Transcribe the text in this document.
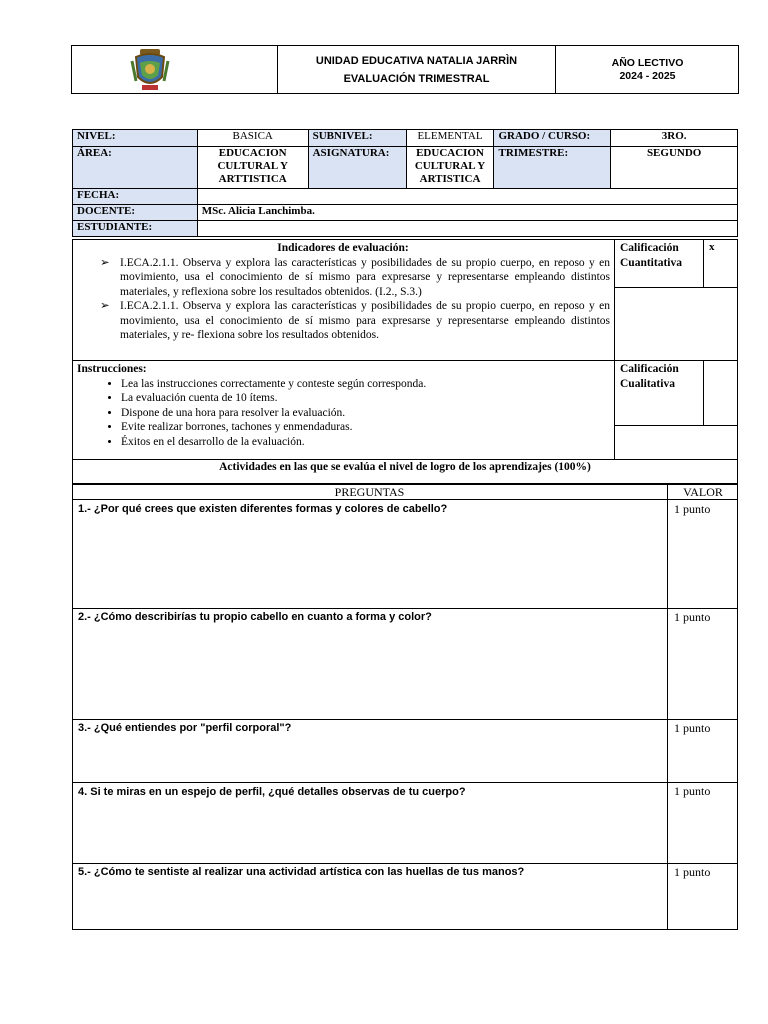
UNIDAD EDUCATIVA NATALIA JARRÌN
EVALUACIÓN TRIMESTRAL
AÑO LECTIVO
2024 - 2025
NIVEL:	BASICA	SUBNIVEL:	ELEMENTAL	GRADO / CURSO:	3RO.
ÁREA:	EDUCACION CULTURAL Y ARTTISTICA	ASIGNATURA:	EDUCACION CULTURAL Y ARTISTICA	TRIMESTRE:	SEGUNDO
FECHA:					
DOCENTE:	MSc. Alicia Lanchimba.				
ESTUDIANTE:					
Indicadores de evaluación:
➢ I.ECA.2.1.1. Observa y explora las características y posibilidades de su propio cuerpo, en reposo y en movimiento, usa el conocimiento de sí mismo para expresarse y representarse empleando distintos materiales, y reflexiona sobre los resultados obtenidos. (I.2., S.3.)
➢ I.ECA.2.1.1. Observa y explora las características y posibilidades de su propio cuerpo, en reposo y en movimiento, usa el conocimiento de sí mismo para expresarse y representarse empleando distintos materiales, y re- flexiona sobre los resultados obtenidos.
Calificación Cuantitativa
x
Instrucciones:
• Lea las instrucciones correctamente y conteste según corresponda.
• La evaluación cuenta de 10 ítems.
• Dispone de una hora para resolver la evaluación.
• Evite realizar borrones, tachones y enmendaduras.
• Éxitos en el desarrollo de la evaluación.
Calificación Cualitativa
Actividades en las que se evalúa el nivel de logro de los aprendizajes (100%)
PREGUNTAS	VALOR
1.- ¿Por qué crees que existen diferentes formas y colores de cabello?	1 punto
2.- ¿Cómo describirías tu propio cabello en cuanto a forma y color?	1 punto
3.- ¿Qué entiendes por "perfil corporal"?	1 punto
4. Si te miras en un espejo de perfil, ¿qué detalles observas de tu cuerpo?	1 punto
5.- ¿Cómo te sentiste al realizar una actividad artística con las huellas de tus manos?	1 punto
